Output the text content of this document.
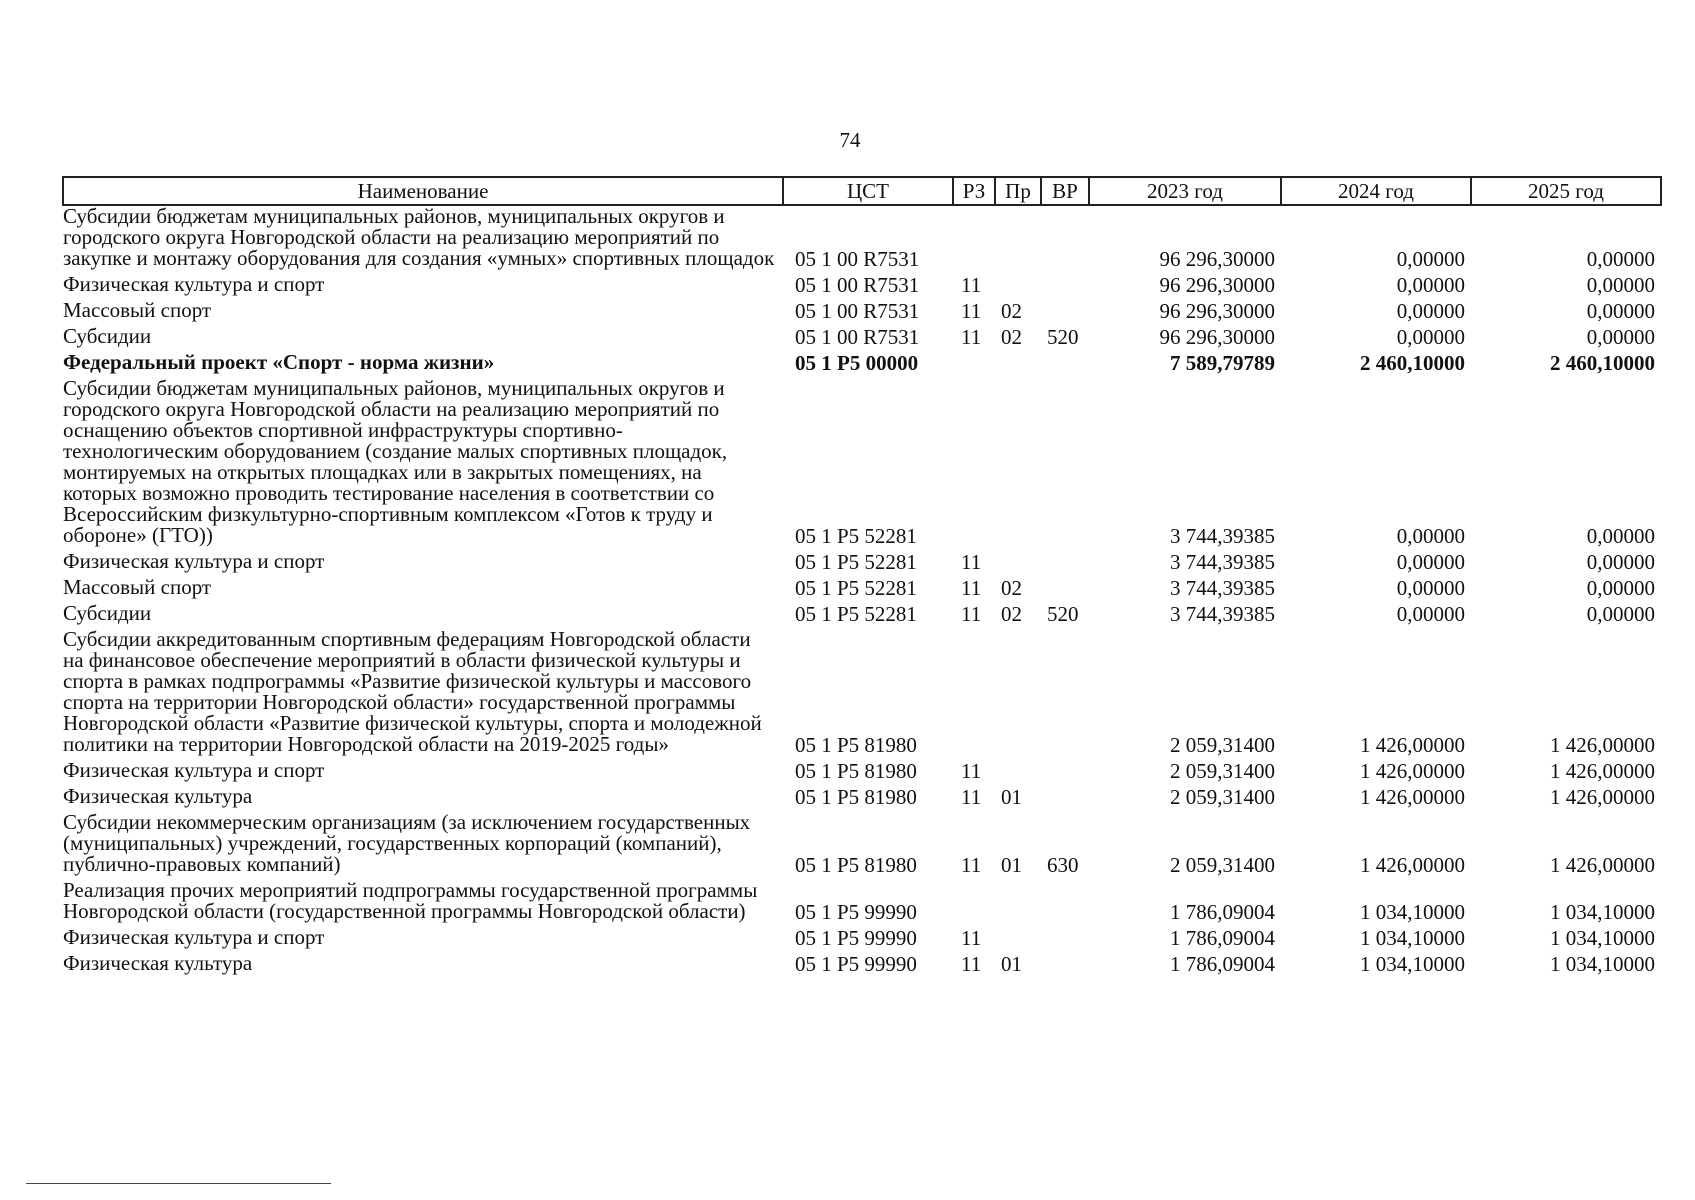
74
Наименование	ЦСТ	РЗ	Пр	ВР	2023 год	2024 год	2025 год
Субсидии бюджетам муниципальных районов, муниципальных округов и городского округа Новгородской области на реализацию мероприятий по закупке и монтажу оборудования для создания «умных» спортивных площадок	05 1 00 R7531				96 296,30000	0,00000	0,00000
Физическая культура и спорт	05 1 00 R7531	11			96 296,30000	0,00000	0,00000
Массовый спорт	05 1 00 R7531	11	02		96 296,30000	0,00000	0,00000
Субсидии	05 1 00 R7531	11	02	520	96 296,30000	0,00000	0,00000
Федеральный проект «Спорт - норма жизни»	05 1 P5 00000				7 589,79789	2 460,10000	2 460,10000
Субсидии бюджетам муниципальных районов, муниципальных округов и городского округа Новгородской области на реализацию мероприятий по оснащению объектов спортивной инфраструктуры спортивно-технологическим оборудованием (создание малых спортивных площадок, монтируемых на открытых площадках или в закрытых помещениях, на которых возможно проводить тестирование населения в соответствии со Всероссийским физкультурно-спортивным комплексом «Готов к труду и обороне» (ГТО))	05 1 P5 52281				3 744,39385	0,00000	0,00000
Физическая культура и спорт	05 1 P5 52281	11			3 744,39385	0,00000	0,00000
Массовый спорт	05 1 P5 52281	11	02		3 744,39385	0,00000	0,00000
Субсидии	05 1 P5 52281	11	02	520	3 744,39385	0,00000	0,00000
Субсидии аккредитованным спортивным федерациям Новгородской области на финансовое обеспечение мероприятий в области физической культуры и спорта в рамках подпрограммы «Развитие физической культуры и массового спорта на территории Новгородской области» государственной программы Новгородской области «Развитие физической культуры, спорта и молодежной политики на территории Новгородской области на 2019-2025 годы»	05 1 P5 81980				2 059,31400	1 426,00000	1 426,00000
Физическая культура и спорт	05 1 P5 81980	11			2 059,31400	1 426,00000	1 426,00000
Физическая культура	05 1 P5 81980	11	01		2 059,31400	1 426,00000	1 426,00000
Субсидии некоммерческим организациям (за исключением государственных (муниципальных) учреждений, государственных корпораций (компаний), публично-правовых компаний)	05 1 P5 81980	11	01	630	2 059,31400	1 426,00000	1 426,00000
Реализация прочих мероприятий подпрограммы государственной программы Новгородской области (государственной программы Новгородской области)	05 1 P5 99990				1 786,09004	1 034,10000	1 034,10000
Физическая культура и спорт	05 1 P5 99990	11			1 786,09004	1 034,10000	1 034,10000
Физическая культура	05 1 P5 99990	11	01		1 786,09004	1 034,10000	1 034,10000
